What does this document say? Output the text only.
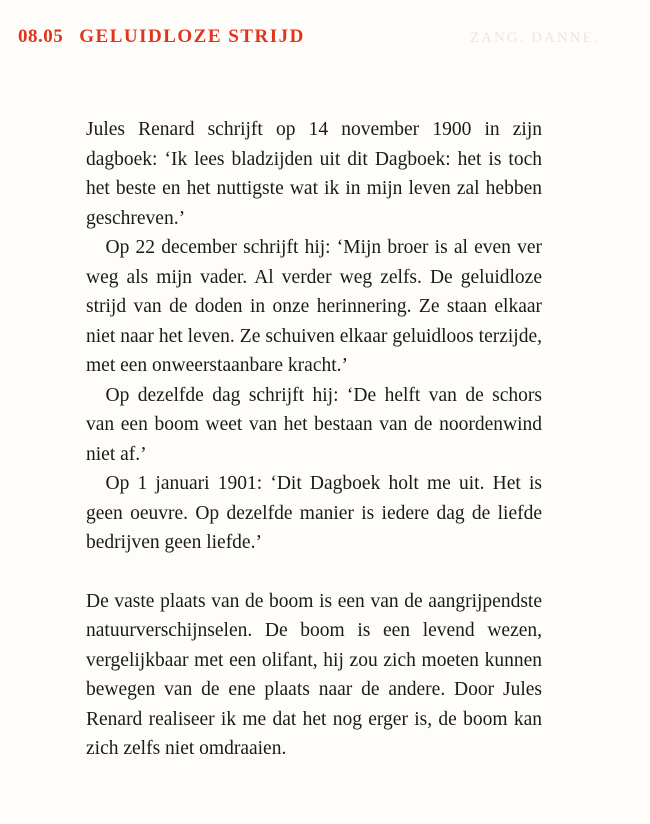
08.05 GELUIDLOZE STRIJD	ZANG. DANNE.

Jules Renard schrijft op 14 november 1900 in zijn dagboek: ‘Ik lees bladzijden uit dit Dagboek: het is toch het beste en het nuttigste wat ik in mijn leven zal hebben geschreven.’

Op 22 december schrijft hij: ‘Mijn broer is al even ver weg als mijn vader. Al verder weg zelfs. De geluidloze strijd van de doden in onze herinnering. Ze staan elkaar niet naar het leven. Ze schuiven elkaar geluidloos terzijde, met een onweerstaanbare kracht.’

Op dezelfde dag schrijft hij: ‘De helft van de schors van een boom weet van het bestaan van de noordenwind niet af.’

Op 1 januari 1901: ‘Dit Dagboek holt me uit. Het is geen oeuvre. Op dezelfde manier is iedere dag de liefde bedrijven geen liefde.’

De vaste plaats van de boom is een van de aangrijpendste natuurverschijnselen. De boom is een levend wezen, vergelijkbaar met een olifant, hij zou zich moeten kunnen bewegen van de ene plaats naar de andere. Door Jules Renard realiseer ik me dat het nog erger is, de boom kan zich zelfs niet omdraaien.
